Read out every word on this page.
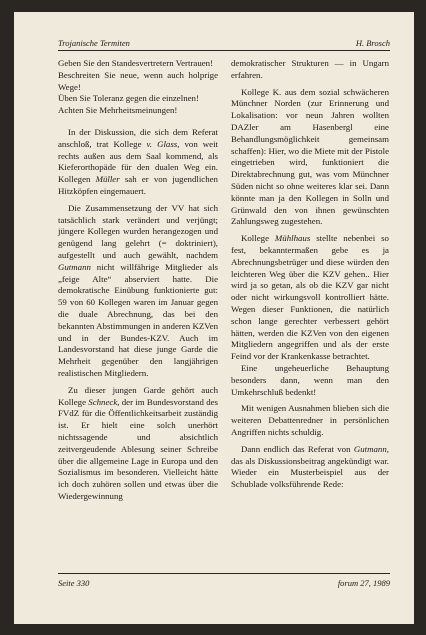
Trojanische Termiten	H. Brosch

Geben Sie den Standesvertretern Vertrauen!
Beschreiten Sie neue, wenn auch holprige Wege!
Üben Sie Toleranz gegen die einzelnen!
Achten Sie Mehrheitsmeinungen!

In der Diskussion, die sich dem Referat anschloß, trat Kollege v. Glass, von weit rechts außen aus dem Saal kommend, als Kieferorthopäde für den dualen Weg ein. Kollegen Müller sah er von jugendlichen Hitzköpfen eingemauert.

Die Zusammensetzung der VV hat sich tatsächlich stark verändert und verjüngt; jüngere Kollegen wurden herangezogen und genügend lang gelehrt (= doktriniert), aufgestellt und auch gewählt, nachdem Gutmann nicht willfährige Mitglieder als „feige Alte“ abserviert hatte. Die demokratische Einübung funktionierte gut: 59 von 60 Kollegen waren im Januar gegen die duale Abrechnung, das bei den bekannten Abstimmungen in anderen KZVen und in der Bundes-KZV. Auch im Landesvorstand hat diese junge Garde die Mehrheit gegenüber den langjährigen realistischen Mitgliedern.

Zu dieser jungen Garde gehört auch Kollege Schneck, der im Bundesvorstand des FVdZ für die Öffentlichkeitsarbeit zuständig ist. Er hielt eine solch unerhört nichtssagende und absichtlich zeitvergeudende Ablesung seiner Schreibe über die allgemeine Lage in Europa und den Sozialismus im besonderen. Vielleicht hätte ich doch zuhören sollen und etwas über die Wiedergewinnung

demokratischer Strukturen — in Ungarn erfahren.

Kollege K. aus dem sozial schwächeren Münchner Norden (zur Erinnerung und Lokalisation: vor neun Jahren wollten DAZler am Hasenbergl eine Behandlungsmöglichkeit gemeinsam schaffen): Hier, wo die Miete mit der Pistole eingetrieben wird, funktioniert die Direktabrechnung gut, was vom Münchner Süden nicht so ohne weiteres klar sei. Dann könnte man ja den Kollegen in Solln und Grünwald den von ihnen gewünschten Zahlungsweg zugestehen.

Kollege Mühlhaus stellte nebenbei so fest, bekanntermaßen gebe es ja Abrechnungsbetrüger und diese würden den leichteren Weg über die KZV gehen.. Hier wird ja so getan, als ob die KZV gar nicht oder nicht wirkungsvoll kontrolliert hätte. Wegen dieser Funktionen, die natürlich schon lange gerechter verbessert gehört hätten, werden die KZVen von den eigenen Mitgliedern angegriffen und als der erste Feind vor der Krankenkasse betrachtet.

Eine ungeheuerliche Behauptung besonders dann, wenn man den Umkehrschluß bedenkt!

Mit wenigen Ausnahmen blieben sich die weiteren Debattenredner in persönlichen Angriffen nichts schuldig.

Dann endlich das Referat von Gutmann, das als Diskussionsbeitrag angekündigt war. Wieder ein Musterbeispiel aus der Schublade volksführende Rede:

Seite 330	forum 27, 1989
